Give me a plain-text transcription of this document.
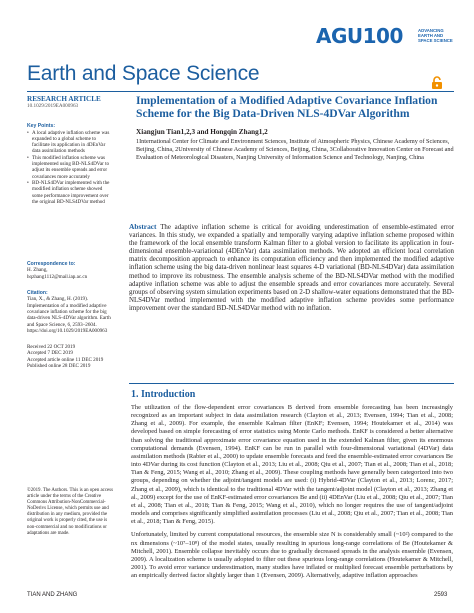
AGU100	ADVANCING
EARTH AND
SPACE SCIENCE
Earth and Space Science
RESEARCH ARTICLE
10.1029/2019EA000963
Key Points:
• A local adaptive inflation scheme was expanded to a global scheme to facilitate its application in 4DEnVar data assimilation methods
• This modified inflation scheme was implemented using BD-NLS4DVar to adjust its ensemble spreads and error covariances more accurately
• BD-NLS4DVar implemented with the modified inflation scheme showed some performance improvement over the original BD-NLS4DVar method
Correspondence to:
H. Zhang,
hqzhang1112@mail.iap.ac.cn
Citation:
Tian, X., & Zhang, H. (2019). Implementation of a modified adaptive covariance inflation scheme for the big data-driven NLS-4DVar algorithm. Earth and Space Science, 6, 2593–2604. https://doi.org/10.1029/2019EA000963
Received 22 OCT 2019
Accepted 7 DEC 2019
Accepted article online 11 DEC 2019
Published online 28 DEC 2019
©2019. The Authors. This is an open access article under the terms of the Creative Commons Attribution-NonCommercial-NoDerivs License, which permits use and distribution in any medium, provided the original work is properly cited, the use is non-commercial and no modifications or adaptations are made.
Implementation of a Modified Adaptive Covariance Inflation Scheme for the Big Data-Driven NLS-4DVar Algorithm
Xiangjun Tian1,2,3 and Hongqin Zhang1,2
1International Center for Climate and Environment Sciences, Institute of Atmospheric Physics, Chinese Academy of Sciences, Beijing, China, 2University of Chinese Academy of Sciences, Beijing, China, 3Collaborative Innovation Center on Forecast and Evaluation of Meteorological Disasters, Nanjing University of Information Science and Technology, Nanjing, China
Abstract The adaptive inflation scheme is critical for avoiding underestimation of ensemble-estimated error variances. In this study, we expanded a spatially and temporally varying adaptive inflation scheme proposed within the framework of the local ensemble transform Kalman filter to a global version to facilitate its application in four-dimensional ensemble-variational (4DEnVar) data assimilation methods. We adopted an efficient local correlation matrix decomposition approach to enhance its computation efficiency and then implemented the modified adaptive inflation scheme using the big data-driven nonlinear least squares 4-D variational (BD-NLS4DVar) data assimilation method to improve its robustness. The ensemble analysis scheme of the BD-NLS4DVar method with the modified adaptive inflation scheme was able to adjust the ensemble spreads and error covariances more accurately. Several groups of observing system simulation experiments based on 2-D shallow-water equations demonstrated that the BD-NLS4DVar method implemented with the modified adaptive inflation scheme provides some performance improvement over the standard BD-NLS4DVar method with no inflation.
1. Introduction

The utilization of the flow-dependent error covariances B derived from ensemble forecasting has been increasingly recognized as an important subject in data assimilation research (Clayton et al., 2013; Evensen, 1994; Tian et al., 2008; Zhang et al., 2009). For example, the ensemble Kalman filter (EnKF; Evensen, 1994; Houtekamer et al., 2014) was developed based on simple forecasting of error statistics using Monte Carlo methods. EnKF is considered a better alternative than solving the traditional approximate error covariance equation used in the extended Kalman filter, given its enormous computational demands (Evensen, 1994). EnKF can be run in parallel with four-dimensional variational (4DVar) data assimilation methods (Rabier et al., 2000) to update ensemble forecasts and feed the ensemble-estimated error covariances Be into 4DVar during its cost function (Clayton et al., 2013; Liu et al., 2008; Qiu et al., 2007; Tian et al., 2008; Tian et al., 2018; Tian & Feng, 2015; Wang et al., 2010; Zhang et al., 2009). These coupling methods have generally been categorized into two groups, depending on whether the adjoint/tangent models are used: (i) Hybrid-4DVar (Clayton et al., 2013; Lorenc, 2017; Zhang et al., 2009), which is identical to the traditional 4DVar with the tangent/adjoint model (Clayton et al., 2013; Zhang et al., 2009) except for the use of EnKF-estimated error covariances Be and (ii) 4DEnVar (Liu et al., 2008; Qiu et al., 2007; Tian et al., 2008; Tian et al., 2018; Tian & Feng, 2015; Wang et al., 2010), which no longer requires the use of tangent/adjoint models and comprises significantly simplified assimilation processes (Liu et al., 2008; Qiu et al., 2007; Tian et al., 2008; Tian et al., 2018; Tian & Feng, 2015).

Unfortunately, limited by current computational resources, the ensemble size N is considerably small (~10²) compared to the nx dimensions (~10⁷–10⁸) of the model states, usually resulting in spurious long-range correlations of Be (Houtekamer & Mitchell, 2001). Ensemble collapse inevitably occurs due to gradually decreased spreads in the analysis ensemble (Evensen, 2009). A localization scheme is usually adopted to filter out these spurious long-range correlations (Houtekamer & Mitchell, 2001). To avoid error variance underestimation, many studies have inflated or multiplied forecast ensemble perturbations by an empirically derived factor slightly larger than 1 (Evensen, 2009). Alternatively, adaptive inflation approaches

TIAN AND ZHANG	2593
